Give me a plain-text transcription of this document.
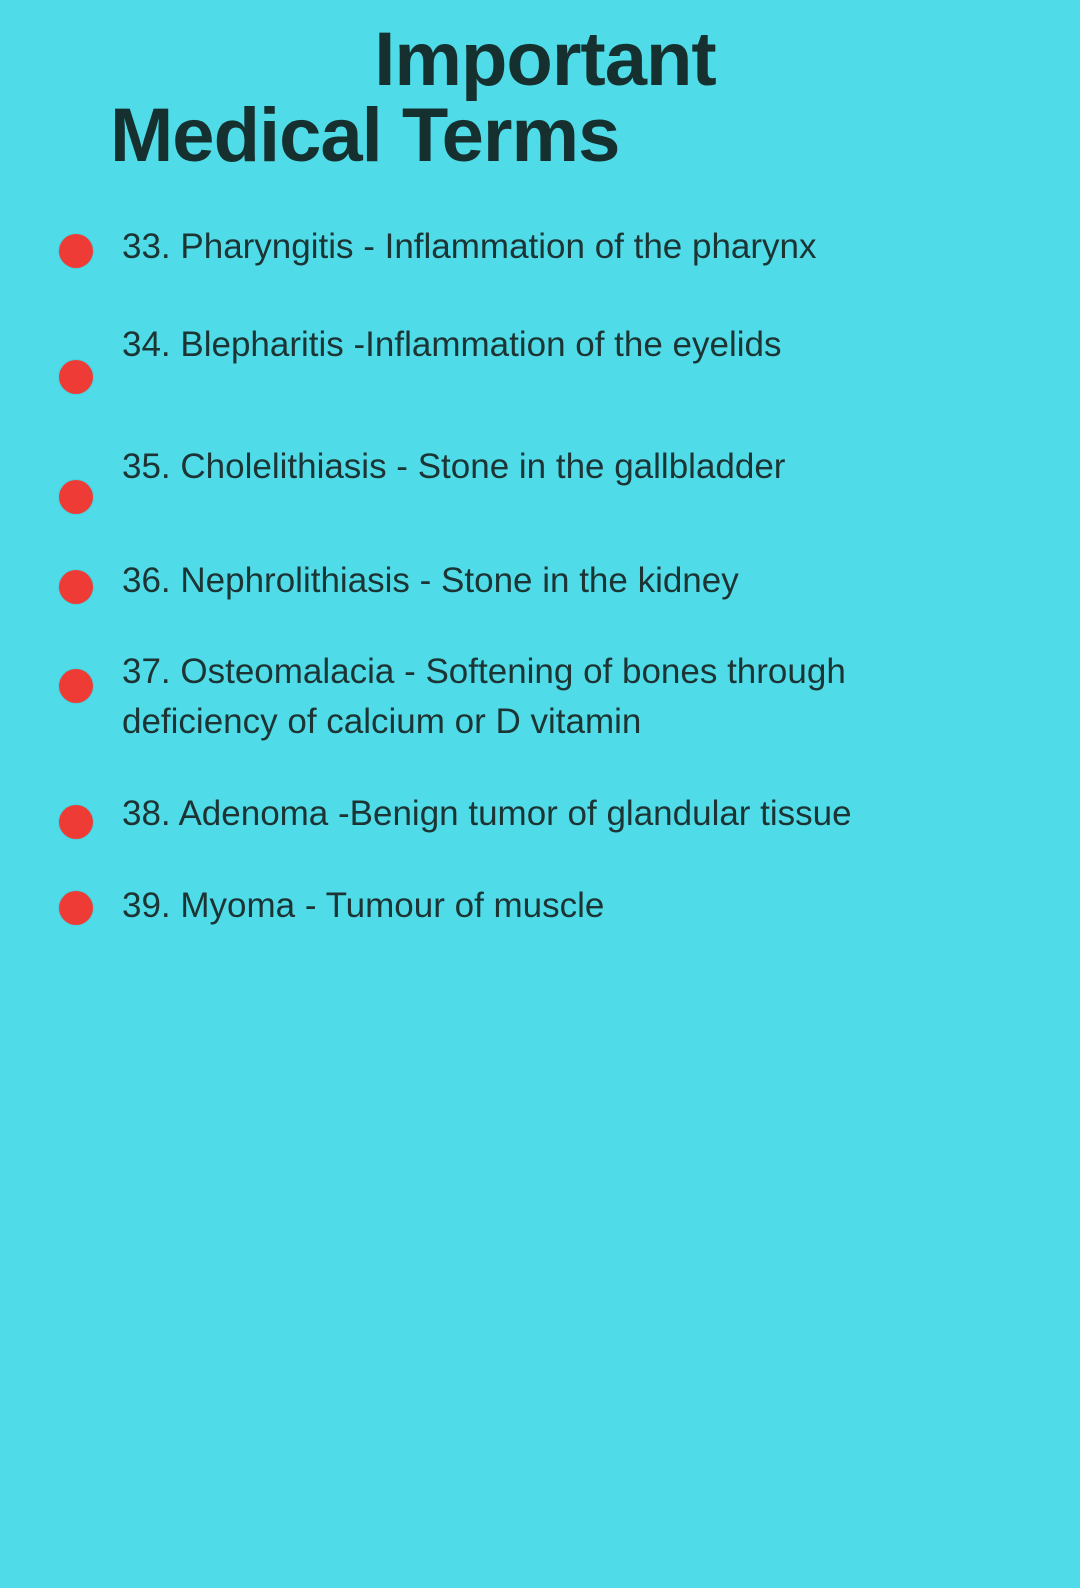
Important
Medical Terms
33. Pharyngitis - Inflammation of the pharynx
34. Blepharitis -Inflammation of the eyelids
35. Cholelithiasis - Stone in the gallbladder
36. Nephrolithiasis - Stone in the kidney
37. Osteomalacia - Softening of bones through deficiency of calcium or D vitamin
38. Adenoma -Benign tumor of glandular tissue
39. Myoma - Tumour of muscle
